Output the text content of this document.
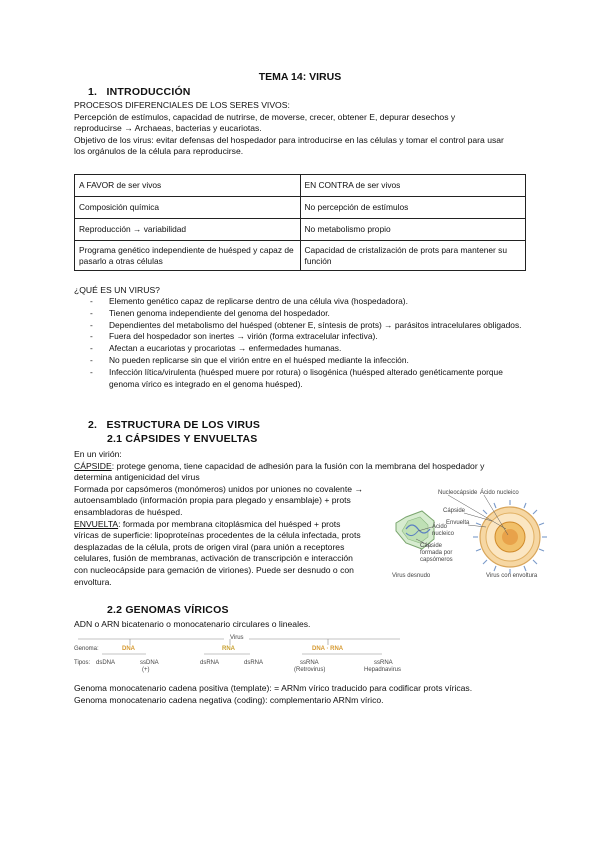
TEMA 14: VIRUS
1. INTRODUCCIÓN

PROCESOS DIFERENCIALES DE LOS SERES VIVOS:

Percepción de estímulos, capacidad de nutrirse, de moverse, crecer, obtener E, depurar desechos y

reproducirse → Archaeas, bacterias y eucariotas.

Objetivo de los virus: evitar defensas del hospedador para introducirse en las células y tomar el control para usar

los orgánulos de la célula para reproducirse.

A FAVOR de ser vivos	EN CONTRA de ser vivos
Composición química	No percepción de estímulos
Reproducción → variabilidad	No metabolismo propio
Programa genético independiente de huésped y capaz de pasarlo a otras células	Capacidad de cristalización de prots para mantener su función

¿QUÉ ES UN VIRUS?

- Elemento genético capaz de replicarse dentro de una célula viva (hospedadora).
- Tienen genoma independiente del genoma del hospedador.
- Dependientes del metabolismo del huésped (obtener E, síntesis de prots) → parásitos intracelulares obligados.
- Fuera del hospedador son inertes → virión (forma extracelular infectiva).
- Afectan a eucariotas y procariotas → enfermedades humanas.
- No pueden replicarse sin que el virión entre en el huésped mediante la infección.
- Infección lítica/virulenta (huésped muere por rotura) o lisogénica (huésped alterado genéticamente porque genoma vírico es integrado en el genoma huésped).
2. ESTRUCTURA DE LOS VIRUS
2.1 CÁPSIDES Y ENVUELTAS

En un virión:

CÁPSIDE: protege genoma, tiene capacidad de adhesión para la fusión con la membrana del hospedador y

determina antigenicidad del virus

Formada por capsómeros (monómeros) unidos por uniones no covalente →

autoensamblado (información propia para plegado y ensamblaje) + prots

ensambladoras de huésped.

ENVUELTA: formada por membrana citoplásmica del huésped + prots

víricas de superficie: lipoproteínas procedentes de la célula infectada, prots

desplazadas de la célula, prots de origen viral (para unión a receptores

celulares, fusión de membranas, activación de transcripción e interacción

con nucleocápside para gemación de viriones). Puede ser desnudo o con

envoltura.

Nucleocápside Ácido nucleico
Cápside
Envuelta
Ácido nucleico
Cápside formada por capsómeros
Virus desnudo	Virus con envoltura
2.2 GENOMAS VÍRICOS

ADN o ARN bicatenario o monocatenario circulares o lineales.

Virus
Genoma:
Tipos:
DNA	RNA	DNA · RNA
dsDNA	ssDNA
(+)
dsRNA	dsRNA	ssRNA
(Retrovirus)
ssRNA
Hepadnavirus

Genoma monocatenario cadena positiva (template): = ARNm vírico traducido para codificar prots víricas.

Genoma monocatenario cadena negativa (coding): complementario ARNm vírico.
